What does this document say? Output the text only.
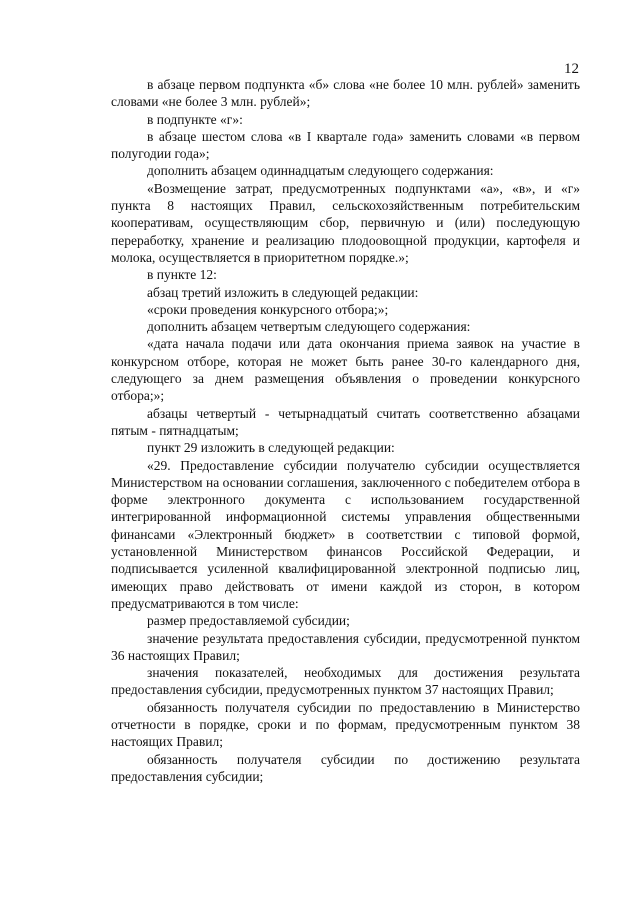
12

в абзаце первом подпункта «б» слова «не более 10 млн. рублей» заменить словами «не более 3 млн. рублей»;

в подпункте «г»:

в абзаце шестом слова «в I квартале года» заменить словами «в первом полугодии года»;

дополнить абзацем одиннадцатым следующего содержания:

«Возмещение затрат, предусмотренных подпунктами «а», «в», и «г» пункта 8 настоящих Правил, сельскохозяйственным потребительским кооперативам, осуществляющим сбор, первичную и (или) последующую переработку, хранение и реализацию плодоовощной продукции, картофеля и молока, осуществляется в приоритетном порядке.»;

в пункте 12:

абзац третий изложить в следующей редакции:

«сроки проведения конкурсного отбора;»;

дополнить абзацем четвертым следующего содержания:

«дата начала подачи или дата окончания приема заявок на участие в конкурсном отборе, которая не может быть ранее 30-го календарного дня, следующего за днем размещения объявления о проведении конкурсного отбора;»;

абзацы четвертый - четырнадцатый считать соответственно абзацами пятым - пятнадцатым;

пункт 29 изложить в следующей редакции:

«29. Предоставление субсидии получателю субсидии осуществляется Министерством на основании соглашения, заключенного с победителем отбора в форме электронного документа с использованием государственной интегрированной информационной системы управления общественными финансами «Электронный бюджет» в соответствии с типовой формой, установленной Министерством финансов Российской Федерации, и подписывается усиленной квалифицированной электронной подписью лиц, имеющих право действовать от имени каждой из сторон, в котором предусматриваются в том числе:

размер предоставляемой субсидии;

значение результата предоставления субсидии, предусмотренной пунктом 36 настоящих Правил;

значения показателей, необходимых для достижения результата предоставления субсидии, предусмотренных пунктом 37 настоящих Правил;

обязанность получателя субсидии по предоставлению в Министерство отчетности в порядке, сроки и по формам, предусмотренным пунктом 38 настоящих Правил;

обязанность получателя субсидии по достижению результата предоставления субсидии;
